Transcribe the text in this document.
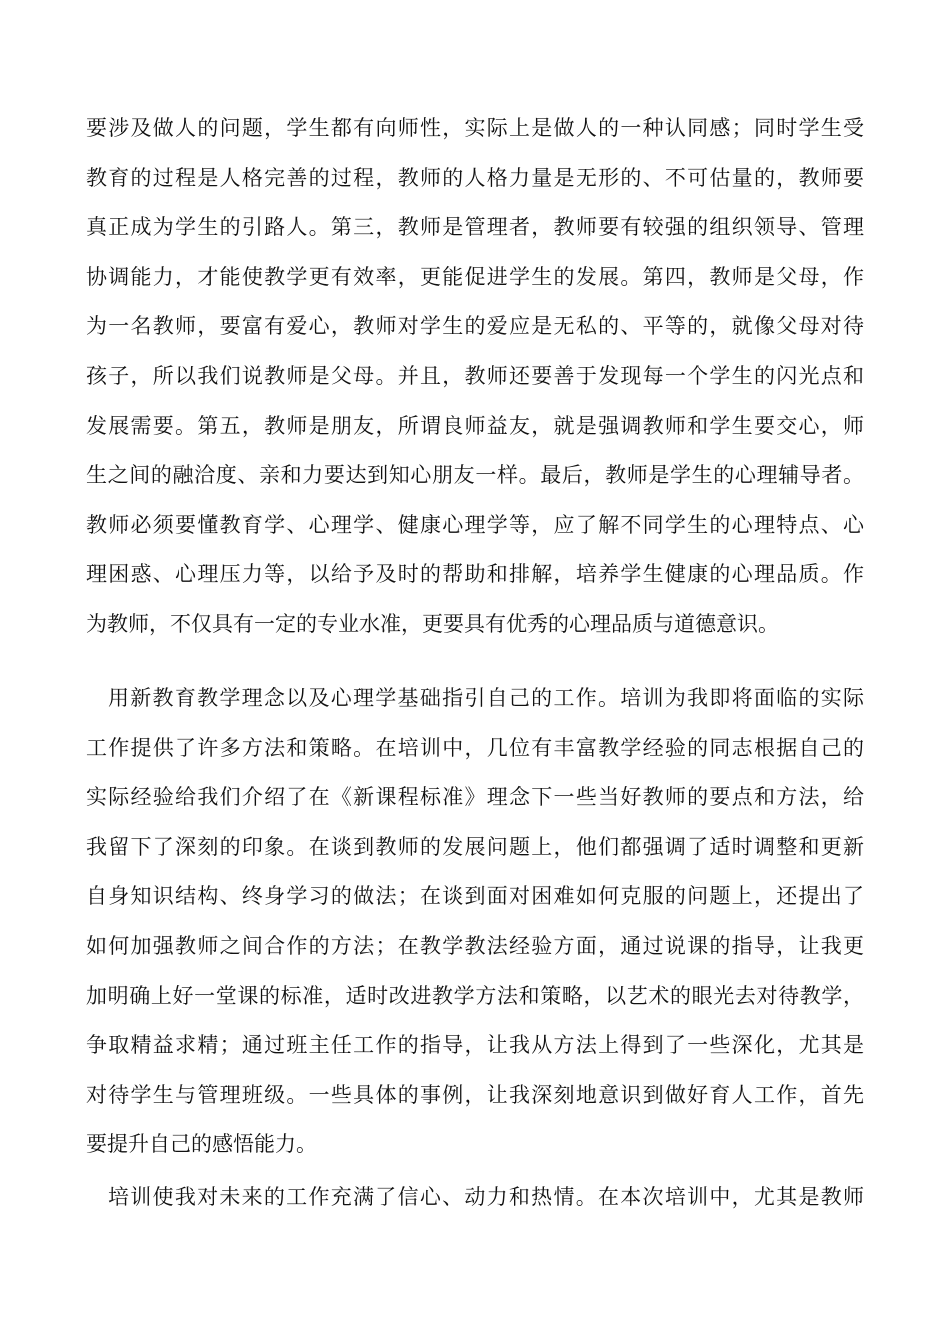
要涉及做人的问题，学生都有向师性，实际上是做人的一种认同感；同时学生受
教育的过程是人格完善的过程，教师的人格力量是无形的、不可估量的，教师要
真正成为学生的引路人。第三，教师是管理者，教师要有较强的组织领导、管理
协调能力，才能使教学更有效率，更能促进学生的发展。第四，教师是父母，作
为一名教师，要富有爱心，教师对学生的爱应是无私的、平等的，就像父母对待
孩子，所以我们说教师是父母。并且，教师还要善于发现每一个学生的闪光点和
发展需要。第五，教师是朋友，所谓良师益友，就是强调教师和学生要交心，师
生之间的融洽度、亲和力要达到知心朋友一样。最后，教师是学生的心理辅导者。
教师必须要懂教育学、心理学、健康心理学等，应了解不同学生的心理特点、心
理困惑、心理压力等，以给予及时的帮助和排解，培养学生健康的心理品质。作
为教师，不仅具有一定的专业水准，更要具有优秀的心理品质与道德意识。
用新教育教学理念以及心理学基础指引自己的工作。培训为我即将面临的实际
工作提供了许多方法和策略。在培训中，几位有丰富教学经验的同志根据自己的
实际经验给我们介绍了在《新课程标准》理念下一些当好教师的要点和方法，给
我留下了深刻的印象。在谈到教师的发展问题上，他们都强调了适时调整和更新
自身知识结构、终身学习的做法；在谈到面对困难如何克服的问题上，还提出了
如何加强教师之间合作的方法；在教学教法经验方面，通过说课的指导，让我更
加明确上好一堂课的标准，适时改进教学方法和策略，以艺术的眼光去对待教学，
争取精益求精；通过班主任工作的指导，让我从方法上得到了一些深化，尤其是
对待学生与管理班级。一些具体的事例，让我深刻地意识到做好育人工作，首先
要提升自己的感悟能力。
培训使我对未来的工作充满了信心、动力和热情。在本次培训中，尤其是教师
